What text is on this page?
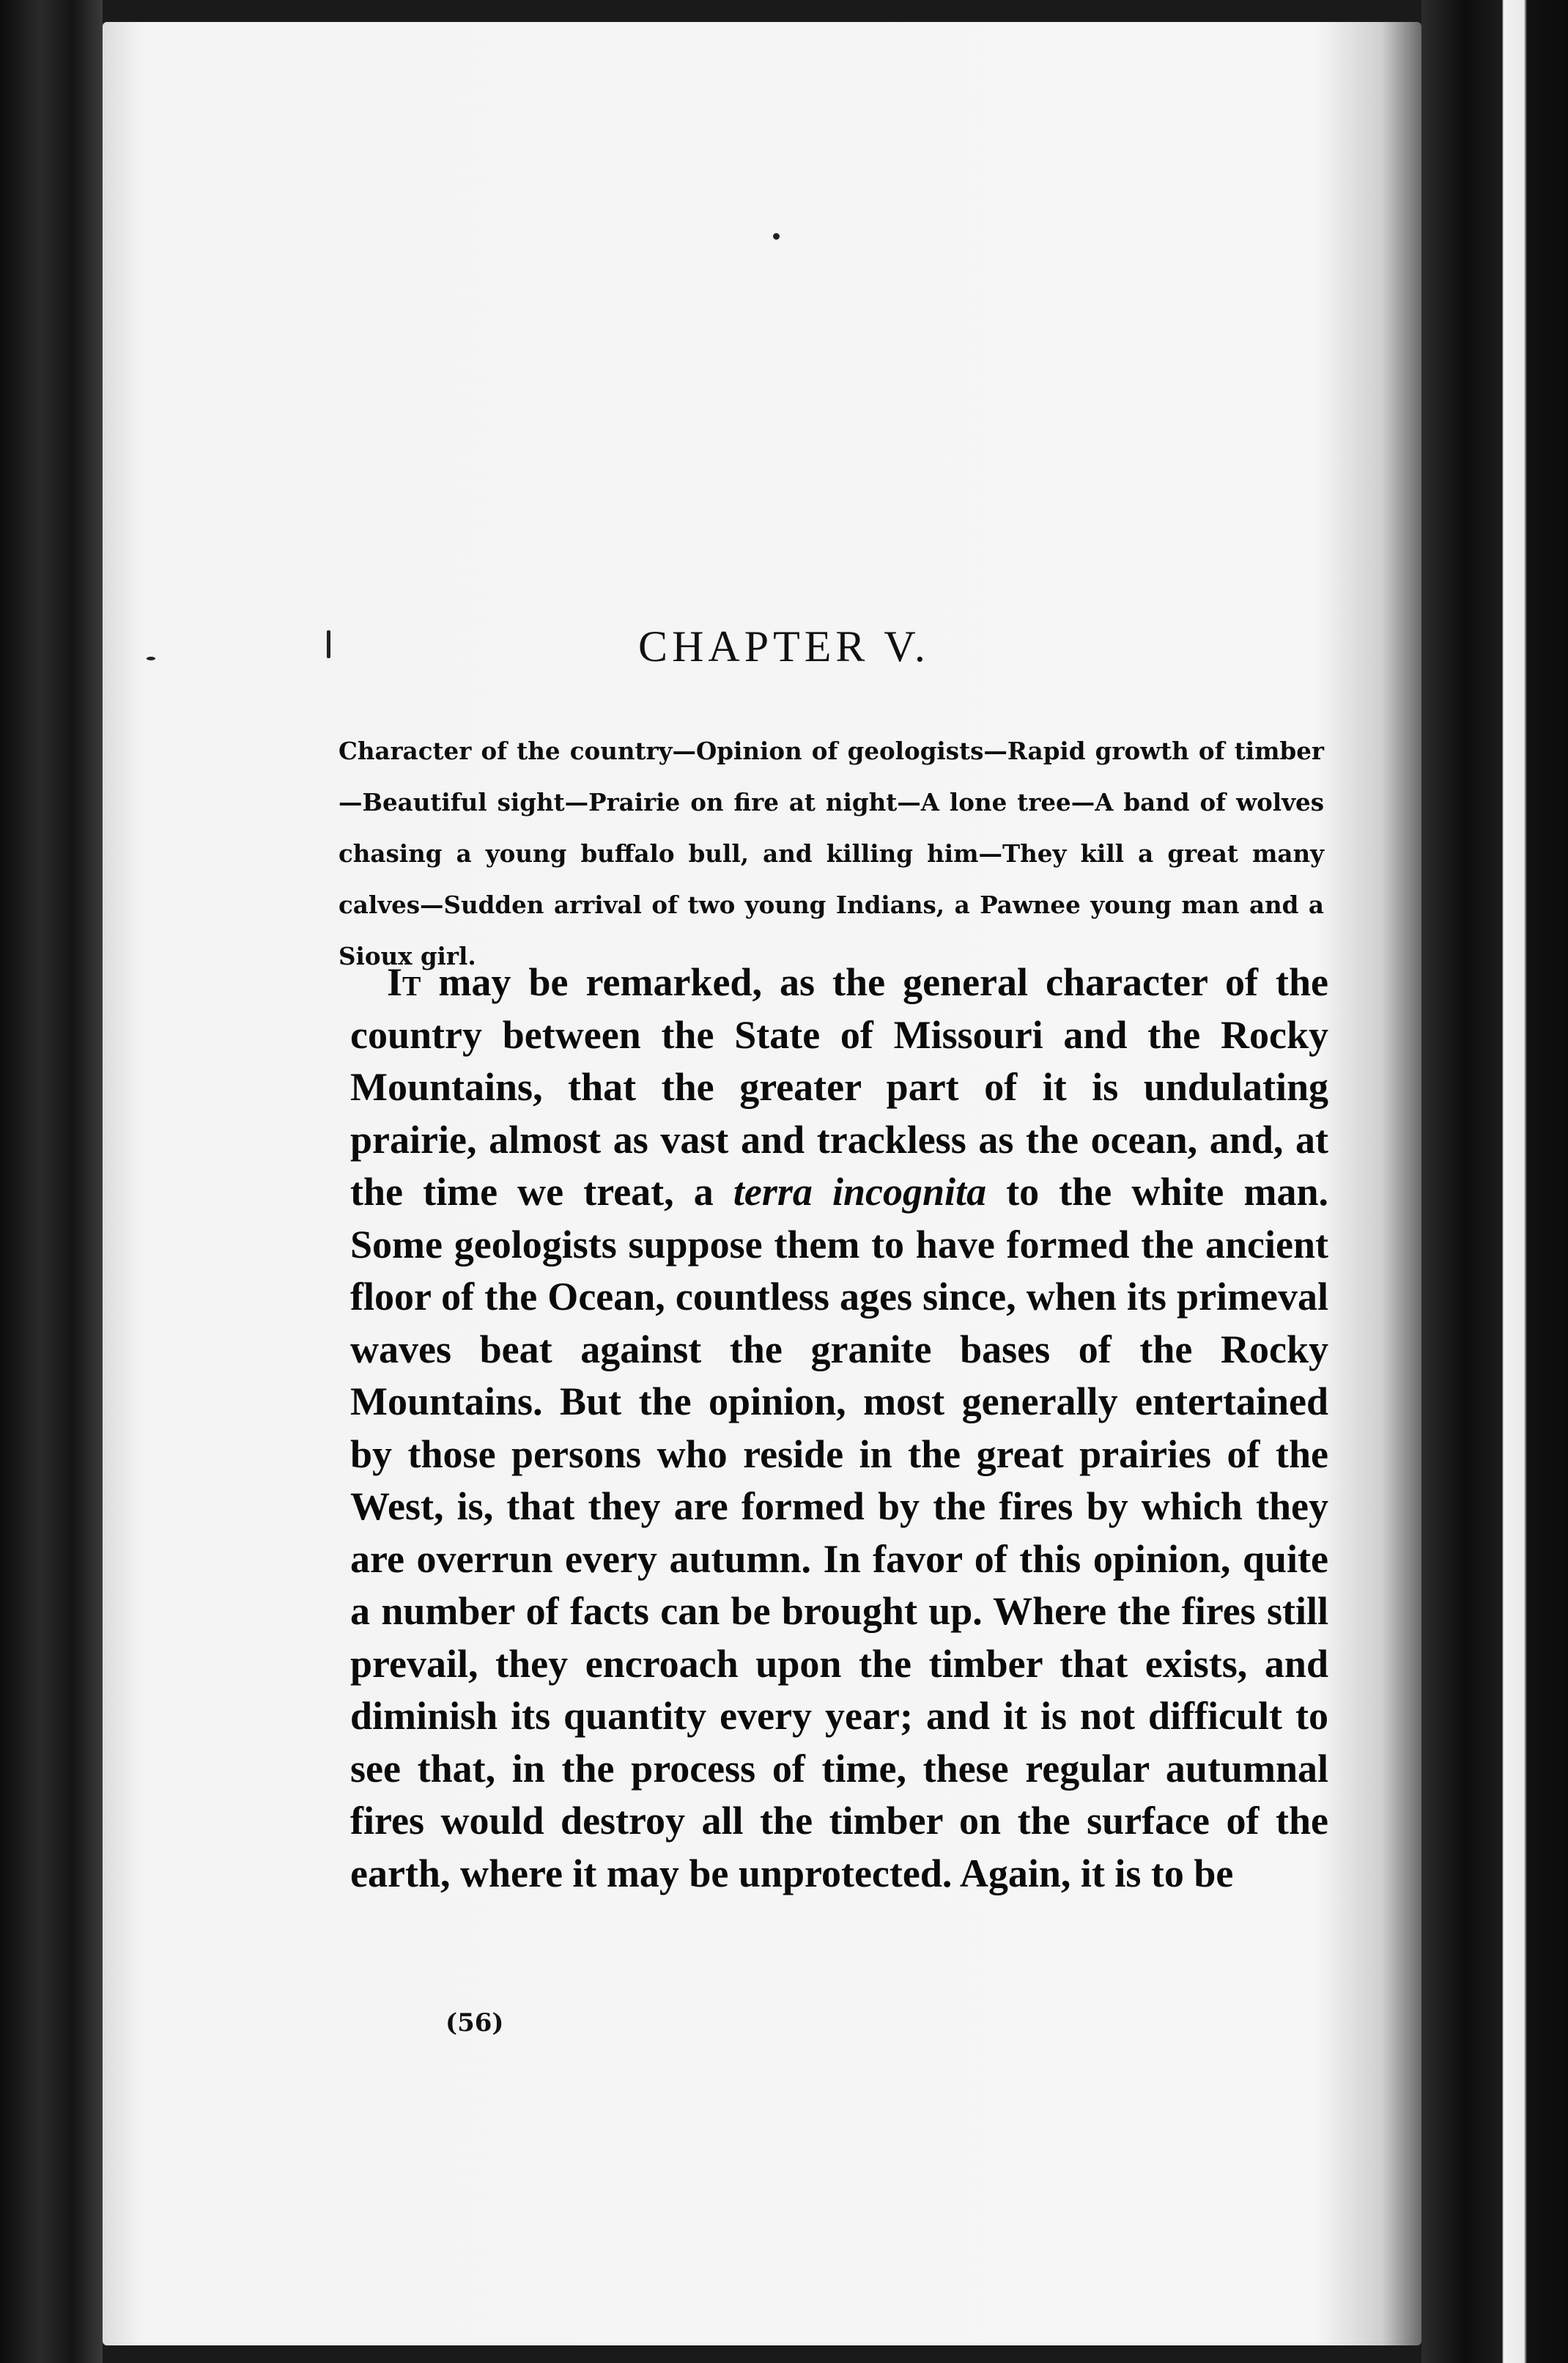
CHAPTER V.
Character of the country—Opinion of geologists—Rapid growth of timber —Beautiful sight—Prairie on fire at night—A lone tree—A band of wolves chasing a young buffalo bull, and killing him—They kill a great many calves—Sudden arrival of two young Indians, a Pawnee young man and a Sioux girl.

It may be remarked, as the general character of the country between the State of Missouri and the Rocky Mountains, that the greater part of it is undulating prairie, almost as vast and trackless as the ocean, and, at the time we treat, a terra incognita to the white man. Some geologists suppose them to have formed the ancient floor of the Ocean, countless ages since, when its primeval waves beat against the granite bases of the Rocky Mountains. But the opinion, most generally entertained by those persons who reside in the great prairies of the West, is, that they are formed by the fires by which they are overrun every autumn. In favor of this opinion, quite a number of facts can be brought up. Where the fires still prevail, they encroach upon the timber that exists, and diminish its quantity every year; and it is not difficult to see that, in the process of time, these regular autumnal fires would destroy all the timber on the surface of the earth, where it may be unprotected. Again, it is to be

(56)
